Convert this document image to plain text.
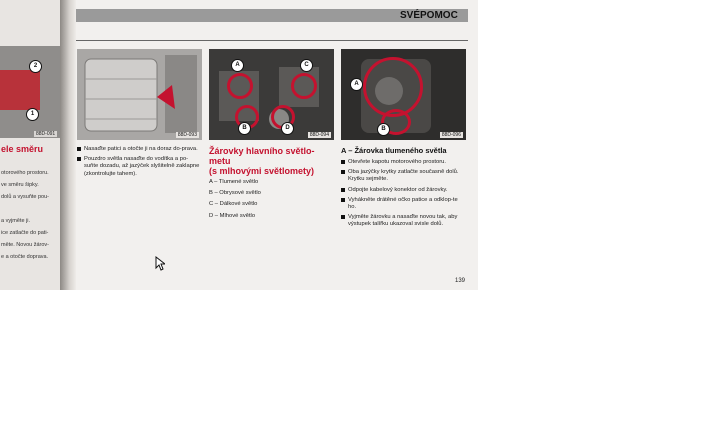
2
1
88D-091
ele směru
otorového prostoru.
ve směru šipky.
dolů a vysuňte pou-

a vyjměte ji.
ice zatlačte do pati-
měte. Novou žárov-
e a otočte doprava.
SVÉPOMOC
88D-093
A	C
B	D
88D-094
A
B
88D-096
Nasaďte patici a otočte ji na doraz do-prava.
Pouzdro světla nasaďte do vodítka a po-suňte dozadu, až jazýček slyšitelně zaklapne (zkontrolujte tahem).
Žárovky hlavního světlo-
metu
(s mlhovými světlomety)
A – Tlumené světlo
B – Obrysové světlo
C – Dálkové světlo
D – Mlhové světlo
A – Žárovka tlumeného světla
Otevřete kapotu motorového prostoru.
Oba jazýčky krytky zatlačte současně dolů. Krytku sejměte.
Odpojte kabelový konektor od žárovky.
Vyhákněte drátěné očko patice a odklop-te ho.
Vyjměte žárovku a nasaďte novou tak, aby výstupek talířku ukazoval svisle dolů.
139
